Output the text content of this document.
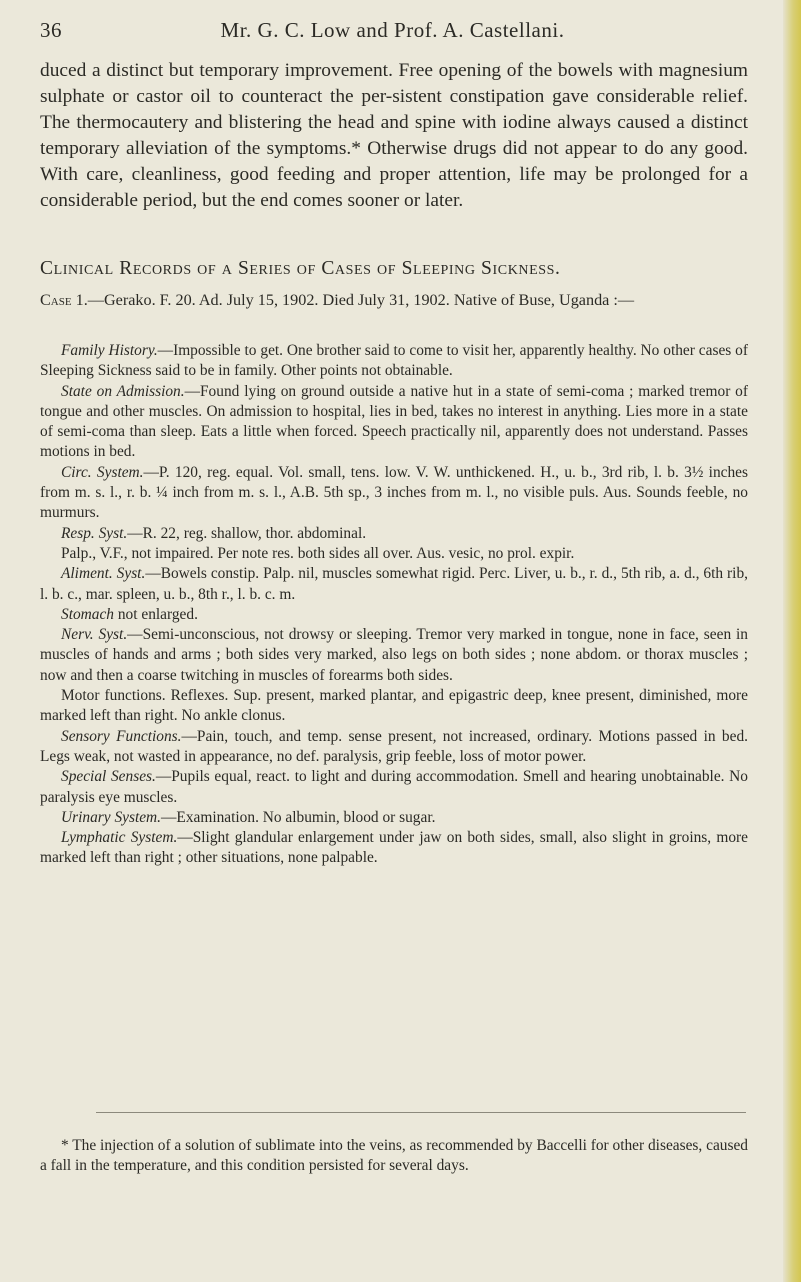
36	Mr. G. C. Low and Prof. A. Castellani.

duced a distinct but temporary improvement. Free opening of the bowels with magnesium sulphate or castor oil to counteract the per-sistent constipation gave considerable relief. The thermocautery and blistering the head and spine with iodine always caused a distinct temporary alleviation of the symptoms.* Otherwise drugs did not appear to do any good. With care, cleanliness, good feeding and proper attention, life may be prolonged for a considerable period, but the end comes sooner or later.

Clinical Records of a Series of Cases of Sleeping Sickness.

Case 1.—Gerako. F. 20. Ad. July 15, 1902. Died July 31, 1902. Native of Buse, Uganda :—

Family History.—Impossible to get. One brother said to come to visit her, apparently healthy. No other cases of Sleeping Sickness said to be in family. Other points not obtainable.

State on Admission.—Found lying on ground outside a native hut in a state of semi-coma ; marked tremor of tongue and other muscles. On admission to hospital, lies in bed, takes no interest in anything. Lies more in a state of semi-coma than sleep. Eats a little when forced. Speech practically nil, apparently does not understand. Passes motions in bed.

Circ. System.—P. 120, reg. equal. Vol. small, tens. low. V. W. unthickened. H., u. b., 3rd rib, l. b. 3½ inches from m. s. l., r. b. ¼ inch from m. s. l., A.B. 5th sp., 3 inches from m. l., no visible puls. Aus. Sounds feeble, no murmurs.

Resp. Syst.—R. 22, reg. shallow, thor. abdominal.

Palp., V.F., not impaired. Per note res. both sides all over. Aus. vesic, no prol. expir.

Aliment. Syst.—Bowels constip. Palp. nil, muscles somewhat rigid. Perc. Liver, u. b., r. d., 5th rib, a. d., 6th rib, l. b. c., mar. spleen, u. b., 8th r., l. b. c. m.

Stomach not enlarged.

Nerv. Syst.—Semi-unconscious, not drowsy or sleeping. Tremor very marked in tongue, none in face, seen in muscles of hands and arms ; both sides very marked, also legs on both sides ; none abdom. or thorax muscles ; now and then a coarse twitching in muscles of forearms both sides.

Motor functions. Reflexes. Sup. present, marked plantar, and epigastric deep, knee present, diminished, more marked left than right. No ankle clonus.

Sensory Functions.—Pain, touch, and temp. sense present, not increased, ordinary. Motions passed in bed. Legs weak, not wasted in appearance, no def. paralysis, grip feeble, loss of motor power.

Special Senses.—Pupils equal, react. to light and during accommodation. Smell and hearing unobtainable. No paralysis eye muscles.

Urinary System.—Examination. No albumin, blood or sugar.

Lymphatic System.—Slight glandular enlargement under jaw on both sides, small, also slight in groins, more marked left than right ; other situations, none palpable.

* The injection of a solution of sublimate into the veins, as recommended by Baccelli for other diseases, caused a fall in the temperature, and this condition persisted for several days.
